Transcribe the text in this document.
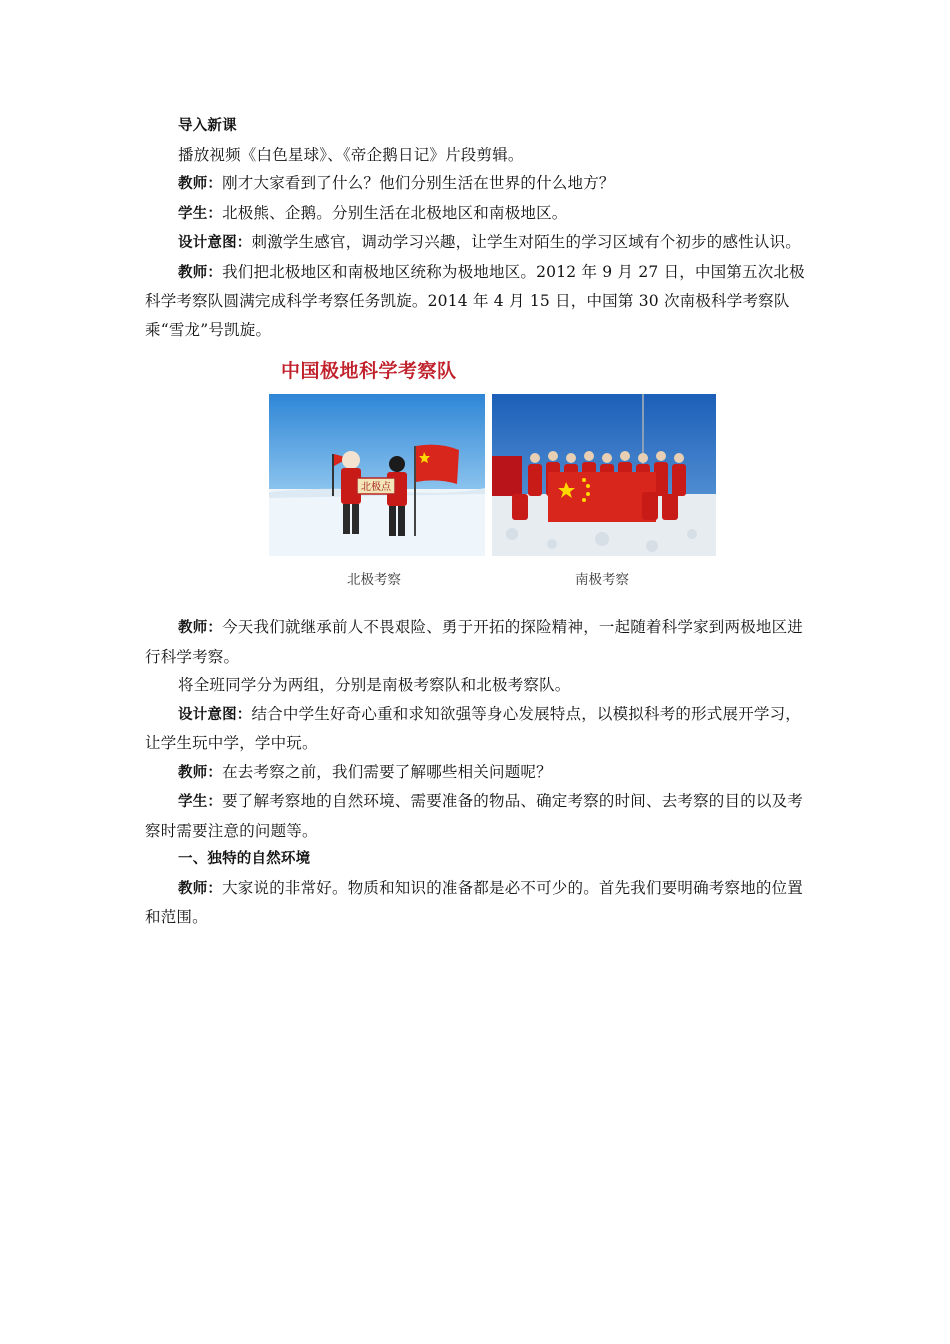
导入新课

播放视频《白色星球》、《帝企鹅日记》片段剪辑。

教师：刚才大家看到了什么？他们分别生活在世界的什么地方？

学生：北极熊、企鹅。分别生活在北极地区和南极地区。

设计意图：刺激学生感官，调动学习兴趣，让学生对陌生的学习区域有个初步的感性认识。

教师：我们把北极地区和南极地区统称为极地地区。2012 年 9 月 27 日，中国第五次北极科学考察队圆满完成科学考察任务凯旋。2014 年 4 月 15 日，中国第 30 次南极科学考察队乘“雪龙”号凯旋。

中国极地科学考察队
北极点
北极考察	南极考察

教师：今天我们就继承前人不畏艰险、勇于开拓的探险精神，一起随着科学家到两极地区进行科学考察。

将全班同学分为两组，分别是南极考察队和北极考察队。

设计意图：结合中学生好奇心重和求知欲强等身心发展特点，以模拟科考的形式展开学习，让学生玩中学，学中玩。

教师：在去考察之前，我们需要了解哪些相关问题呢？

学生：要了解考察地的自然环境、需要准备的物品、确定考察的时间、去考察的目的以及考察时需要注意的问题等。

一、独特的自然环境

教师：大家说的非常好。物质和知识的准备都是必不可少的。首先我们要明确考察地的位置和范围。
